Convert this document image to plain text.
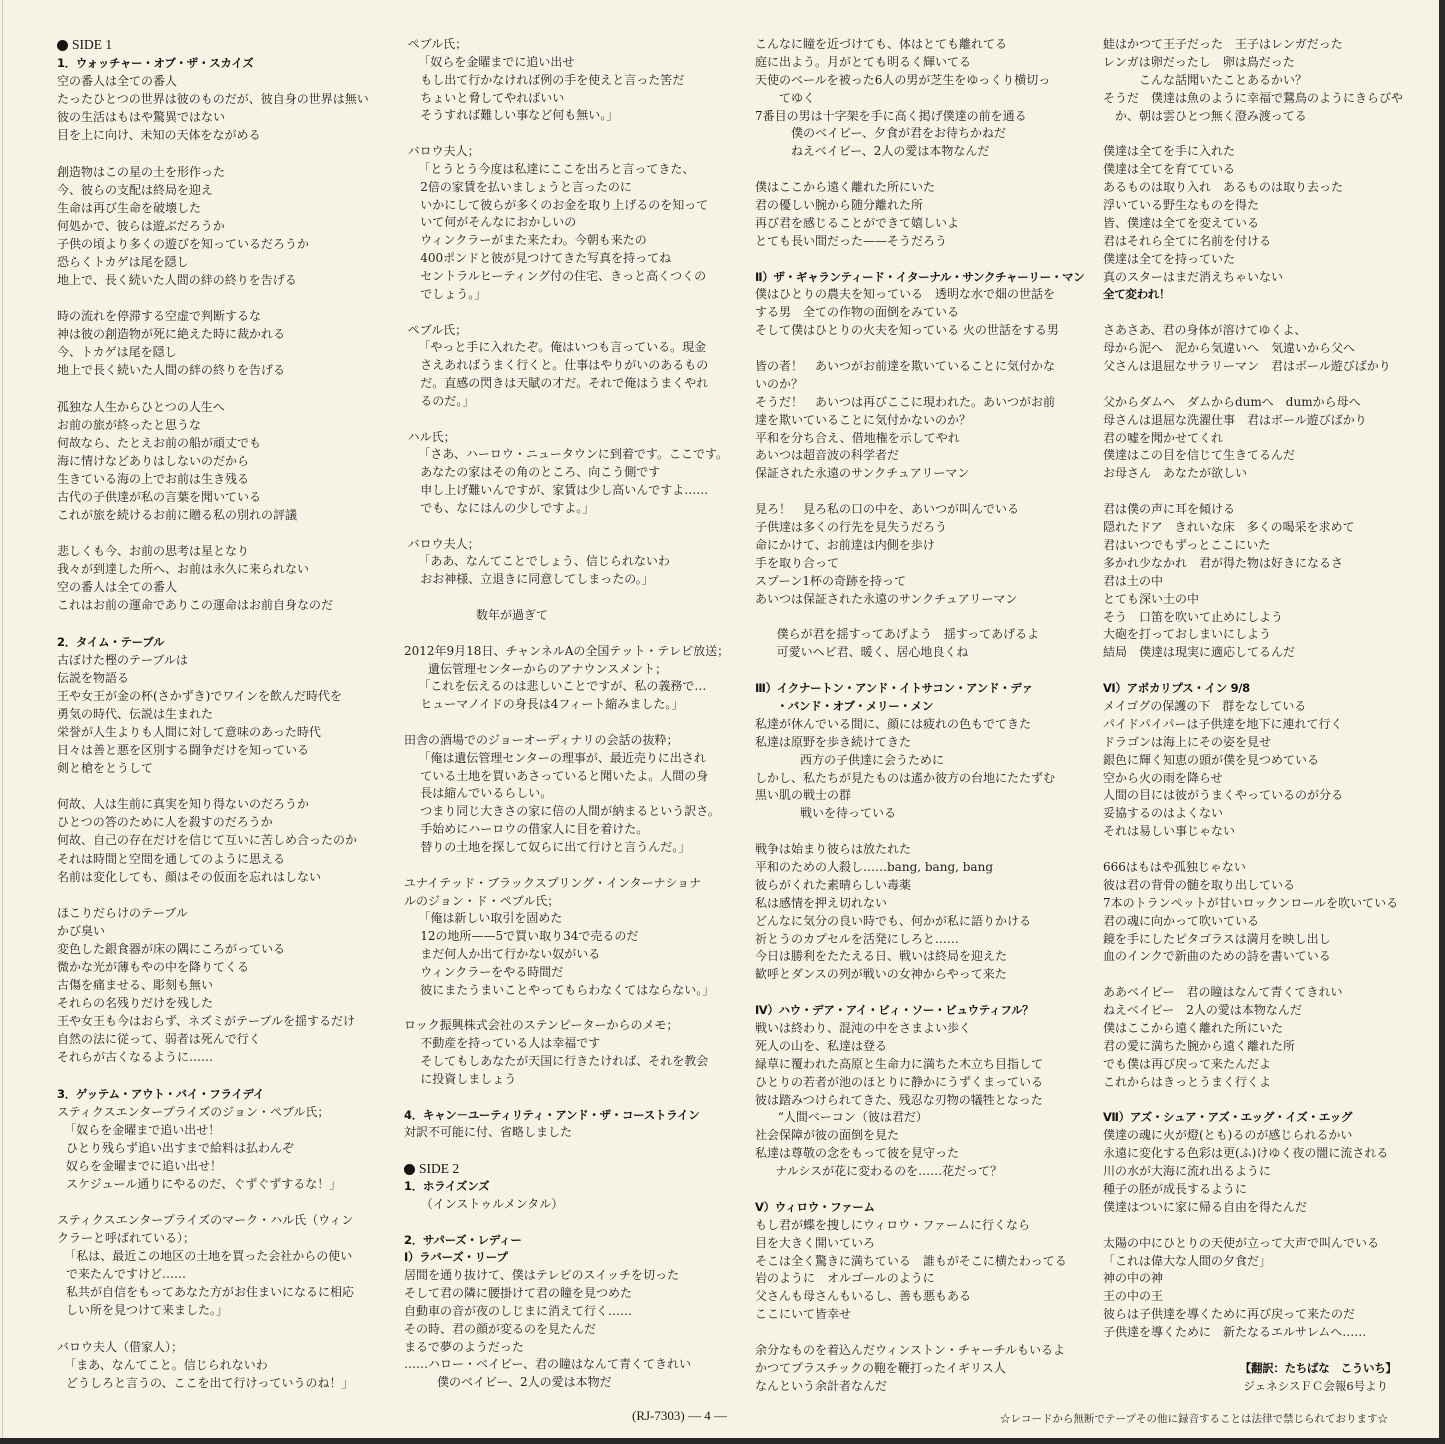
SIDE 1
1．ウォッチャー・オブ・ザ・スカイズ
空の番人は全ての番人
たったひとつの世界は彼のものだが、彼自身の世界は無い
彼の生活はもはや驚異ではない
目を上に向け、未知の天体をながめる
創造物はこの星の土を形作った
今、彼らの支配は終局を迎え
生命は再び生命を破壊した
何処かで、彼らは遊ぶだろうか
子供の頃より多くの遊びを知っているだろうか
恐らくトカゲは尾を隠し
地上で、長く続いた人間の絆の終りを告げる
時の流れを停滞する空虚で判断するな
神は彼の創造物が死に絶えた時に裁かれる
今、トカゲは尾を隠し
地上で長く続いた人間の絆の終りを告げる
孤独な人生からひとつの人生へ
お前の旅が終ったと思うな
何故なら、たとえお前の船が頑丈でも
海に情けなどありはしないのだから
生きている海の上でお前は生き残る
古代の子供達が私の言葉を聞いている
これが旅を続けるお前に贈る私の別れの評議
悲しくも今、お前の思考は星となり
我々が到達した所へ、お前は永久に来られない
空の番人は全ての番人
これはお前の運命でありこの運命はお前自身なのだ
2．タイム・テーブル
古ぼけた樫のテーブルは
伝説を物語る
王や女王が金の杯(さかずき)でワインを飲んだ時代を
勇気の時代、伝説は生まれた
栄誉が人生よりも人間に対して意味のあった時代
日々は善と悪を区別する闘争だけを知っている
剣と槍をとうして
何故、人は生前に真実を知り得ないのだろうか
ひとつの答のために人を殺すのだろうか
何故、自己の存在だけを信じて互いに苦しめ合ったのか
それは時間と空間を通してのように思える
名前は変化しても、顔はその仮面を忘れはしない
ほこりだらけのテーブル
かび臭い
変色した銀食器が床の隅にころがっている
微かな光が薄もやの中を降りてくる
古傷を痛ませる、彫刻も無い
それらの名残りだけを残した
王や女王も今はおらず、ネズミがテーブルを揺するだけ
自然の法に従って、弱者は死んで行く
それらが古くなるように……
3．ゲッテム・アウト・バイ・フライデイ
スティクスエンタープライズのジョン・ペブル氏；
「奴らを金曜まで追い出せ！
ひとり残らず追い出すまで給料は払わんぞ
奴らを金曜までに追い出せ！
スケジュール通りにやるのだ、ぐずぐずするな！」
スティクスエンタープライズのマーク・ハル氏（ウィン
クラーと呼ばれている）；
「私は、最近この地区の土地を買った会社からの使い
で来たんですけど……
私共が自信をもってあなた方がお住まいになるに相応
しい所を見つけて来ました。」
バロウ夫人（借家人）；
「まあ、なんてこと。信じられないわ
どうしろと言うの、ここを出て行けっていうのね！」
ペブル氏；
「奴らを金曜までに追い出せ
もし出て行かなければ例の手を使えと言った筈だ
ちょいと脅してやればいい
そうすれば難しい事など何も無い。」
バロウ夫人；
「とうとう今度は私達にここを出ろと言ってきた、
2倍の家賃を払いましょうと言ったのに
いかにして彼らが多くのお金を取り上げるのを知って
いて何がそんなにおかしいの
ウィンクラーがまた来たわ。今朝も来たの
400ポンドと彼が見つけてきた写真を持ってね
セントラルヒーティング付の住宅、きっと高くつくの
でしょう。」
ペブル氏；
「やっと手に入れたぞ。俺はいつも言っている。現金
さえあればうまく行くと。仕事はやりがいのあるもの
だ。直感の閃きは天賦の才だ。それで俺はうまくやれ
るのだ。」
ハル氏；
「さあ、ハーロウ・ニュータウンに到着です。ここです。
あなたの家はその角のところ、向こう側です
申し上げ難いんですが、家賃は少し高いんですよ……
でも、なにはんの少しですよ。」
バロウ夫人；
「ああ、なんてことでしょう、信じられないわ
おお神様、立退きに同意してしまったの。」
数年が過ぎて
2012年9月18日、チャンネルAの全国テット・テレビ放送；
遺伝管理センターからのアナウンスメント；
「これを伝えるのは悲しいことですが、私の義務で…
ヒューマノイドの身長は4フィート縮みました。」
田舎の酒場でのジョーオーディナリの会話の抜粋；
「俺は遺伝管理センターの理事が、最近売りに出され
ている土地を買いあさっていると聞いたよ。人間の身
長は縮んでいるらしい。
つまり同じ大きさの家に倍の人間が納まるという訳さ。
手始めにハーロウの借家人に目を着けた。
替りの土地を探して奴らに出て行けと言うんだ。」
ユナイテッド・ブラックスプリング・インターナショナ
ルのジョン・ド・ペブル氏；
「俺は新しい取引を固めた
12の地所——5で買い取り34で売るのだ
まだ何人か出て行かない奴がいる
ウィンクラーをやる時間だ
彼にまたうまいことやってもらわなくてはならない。」
ロック振興株式会社のステンピーターからのメモ；
不動産を持っている人は幸福です
そしてもしあなたが天国に行きたければ、それを教会
に投資しましょう
4．キャン－ユーティリティ・アンド・ザ・コーストライン
対訳不可能に付、省略しました
SIDE 2
1．ホライズンズ
（インストゥルメンタル）
2．サパーズ・レディー
Ⅰ）ラバーズ・リープ
居間を通り抜けて、僕はテレビのスイッチを切った
そして君の隣に腰掛けて君の瞳を見つめた
自動車の音が夜のしじまに消えて行く……
その時、君の顔が変るのを見たんだ
まるで夢のようだった
……ハロー・ベイビー、君の瞳はなんて青くてきれい
僕のベイビー、2人の愛は本物だ
こんなに瞳を近づけても、体はとても離れてる
庭に出よう。月がとても明るく輝いてる
天使のベールを被った6人の男が芝生をゆっくり横切っ
てゆく
7番目の男は十字架を手に高く掲げ僕達の前を通る
僕のベイビー、夕食が君をお待ちかねだ
ねえベイビー、2人の愛は本物なんだ
僕はここから遠く離れた所にいた
君の優しい腕から随分離れた所
再び君を感じることができて嬉しいよ
とても長い間だった——そうだろう
Ⅱ）ザ・ギャランティード・イターナル・サンクチャーリー・マン
僕はひとりの農夫を知っている　透明な水で畑の世話を
する男　全ての作物の面倒をみている
そして僕はひとりの火夫を知っている 火の世話をする男
皆の者！　あいつがお前達を欺いていることに気付かな
いのか？
そうだ！　あいつは再びここに現われた。あいつがお前
達を欺いていることに気付かないのか？
平和を分ち合え、借地権を示してやれ
あいつは超音波の科学者だ
保証された永遠のサンクチュアリーマン
見ろ！　見ろ私の口の中を、あいつが叫んでいる
子供達は多くの行先を見失うだろう
命にかけて、お前達は内側を歩け
手を取り合って
スプーン1杯の奇跡を持って
あいつは保証された永遠のサンクチュアリーマン
僕らが君を揺すってあげよう　揺すってあげるよ
可愛いヘビ君、暖く、居心地良くね
Ⅲ）イクナートン・アンド・イトサコン・アンド・デァ
・バンド・オブ・メリー・メン
私達が休んでいる間に、顔には疲れの色もでてきた
私達は原野を歩き続けてきた
西方の子供達に会うために
しかし、私たちが見たものは遙か彼方の台地にたたずむ
黒い肌の戦士の群
戦いを待っている
戦争は始まり彼らは放たれた
平和のための人殺し……bang, bang, bang
彼らがくれた素晴らしい毒薬
私は感情を押え切れない
どんなに気分の良い時でも、何かが私に語りかける
祈とうのカプセルを活発にしろと……
今日は勝利をたたえる日、戦いは終局を迎えた
歓呼とダンスの列が戦いの女神からやって来た
Ⅳ）ハウ・デア・アイ・ビィ・ソー・ビュウティフル？
戦いは終わり、混沌の中をさまよい歩く
死人の山を、私達は登る
緑草に覆われた高原と生命力に満ちた木立ち目指して
ひとりの若者が池のほとりに静かにうずくまっている
彼は踏みつけられてきた、残忍な刃物の犠牲となった
“人間ベーコン（彼は君だ）
社会保障が彼の面倒を見た
私達は尊敬の念をもって彼を見守った
ナルシスが花に変わるのを……花だって？
Ⅴ）ウィロウ・ファーム
もし君が蝶を捜しにウィロウ・ファームに行くなら
目を大きく開いていろ
そこは全く驚きに満ちている　誰もがそこに横たわってる
岩のように　オルゴールのように
父さんも母さんもいるし、善も悪もある
ここにいて皆幸せ
余分なものを着込んだウィンストン・チャーチルもいるよ
かつてプラスチックの鞄を鞭打ったイギリス人
なんという余計者なんだ
蛙はかつて王子だった　王子はレンガだった
レンガは卵だったし　卵は鳥だった
こんな話聞いたことあるかい？
そうだ　僕達は魚のように幸福で鵞鳥のようにきらびや
か、朝は雲ひとつ無く澄み渡ってる
僕達は全てを手に入れた
僕達は全てを育てている
あるものは取り入れ　あるものは取り去った
浮いている野生なものを得た
皆、僕達は全てを変えている
君はそれら全てに名前を付ける
僕達は全てを持っていた
真のスターはまだ消えちゃいない
全て変われ！
さあさあ、君の身体が溶けてゆくよ、
母から泥へ　泥から気違いへ　気違いから父へ
父さんは退屈なサラリーマン　君はボール遊びばかり
父からダムへ　ダムからdumへ　dumから母へ
母さんは退屈な洗濯仕事　君はボール遊びばかり
君の嘘を聞かせてくれ
僕達はこの目を信じて生きてるんだ
お母さん　あなたが欲しい
君は僕の声に耳を傾ける
隠れたドア　きれいな床　多くの喝采を求めて
君はいつでもずっとここにいた
多かれ少なかれ　君が得た物は好きになるさ
君は土の中
とても深い土の中
そう　口笛を吹いて止めにしよう
大砲を打っておしまいにしよう
結局　僕達は現実に適応してるんだ
Ⅵ）アポカリプス・イン 9/8
メイゴグの保護の下　群をなしている
パイドパイパーは子供達を地下に連れて行く
ドラゴンは海上にその姿を見せ
銀色に輝く知恵の頭が僕を見つめている
空から火の雨を降らせ
人間の目には彼がうまくやっているのが分る
妥協するのはよくない
それは易しい事じゃない
666はもはや孤独じゃない
彼は君の背骨の髄を取り出している
7本のトランペットが甘いロックンロールを吹いている
君の魂に向かって吹いている
鏡を手にしたピタゴラスは満月を映し出し
血のインクで新曲のための詩を書いている
ああベイビー　君の瞳はなんて青くてきれい
ねえベイビー　2人の愛は本物なんだ
僕はここから遠く離れた所にいた
君の愛に満ちた腕から遠く離れた所
でも僕は再び戻って来たんだよ
これからはきっとうまく行くよ
Ⅶ）アズ・シュア・アズ・エッグ・イズ・エッグ
僕達の魂に火が燈(とも)るのが感じられるかい
永遠に変化する色彩は更(ふ)けゆく夜の闇に流される
川の水が大海に流れ出るように
種子の胚が成長するように
僕達はついに家に帰る自由を得たんだ
太陽の中にひとりの天使が立って大声で叫んでいる
「これは偉大な人間の夕食だ」
神の中の神
王の中の王
彼らは子供達を導くために再び戻って来たのだ
子供達を導くために　新たなるエルサレムへ……
【翻訳：たちばな　こういち】
ジェネシスＦＣ会報6号より
(RJ-7303) — 4 —	☆レコードから無断でテープその他に録音することは法律で禁じられております☆
